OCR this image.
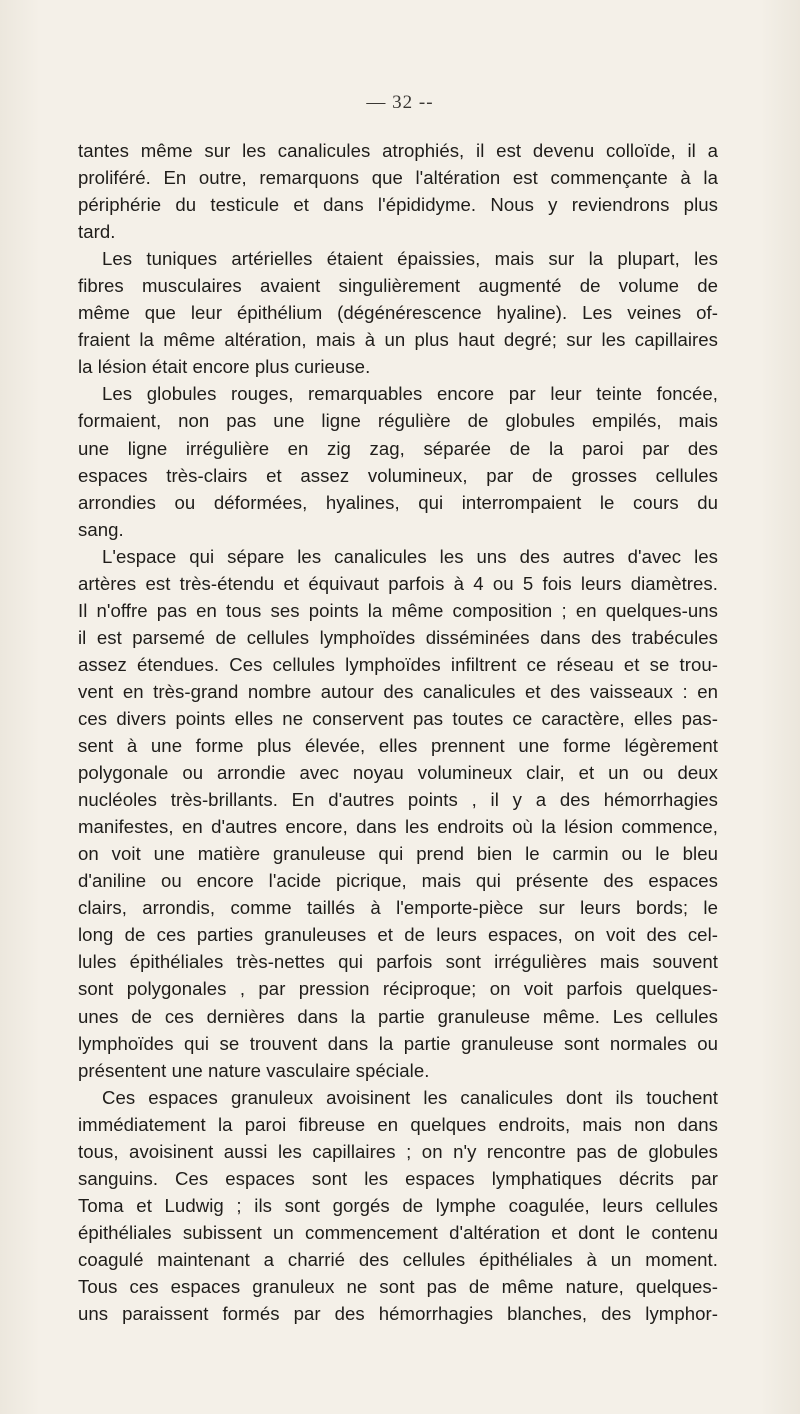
— 32 --
tantes même sur les canalicules atrophiés, il est devenu colloïde, il a
proliféré. En outre, remarquons que l'altération est commençante à la
périphérie du testicule et dans l'épididyme. Nous y reviendrons plus
tard.
Les tuniques artérielles étaient épaissies, mais sur la plupart, les
fibres musculaires avaient singulièrement augmenté de volume de
même que leur épithélium (dégénérescence hyaline). Les veines of-
fraient la même altération, mais à un plus haut degré; sur les capillaires
la lésion était encore plus curieuse.
Les globules rouges, remarquables encore par leur teinte foncée,
formaient, non pas une ligne régulière de globules empilés, mais
une ligne irrégulière en zig zag, séparée de la paroi par des
espaces très-clairs et assez volumineux, par de grosses cellules
arrondies ou déformées, hyalines, qui interrompaient le cours du
sang.
L'espace qui sépare les canalicules les uns des autres d'avec les
artères est très-étendu et équivaut parfois à 4 ou 5 fois leurs diamètres.
Il n'offre pas en tous ses points la même composition ; en quelques-uns
il est parsemé de cellules lymphoïdes disséminées dans des trabécules
assez étendues. Ces cellules lymphoïdes infiltrent ce réseau et se trou-
vent en très-grand nombre autour des canalicules et des vaisseaux : en
ces divers points elles ne conservent pas toutes ce caractère, elles pas-
sent à une forme plus élevée, elles prennent une forme légèrement
polygonale ou arrondie avec noyau volumineux clair, et un ou deux
nucléoles très-brillants. En d'autres points , il y a des hémorrhagies
manifestes, en d'autres encore, dans les endroits où la lésion commence,
on voit une matière granuleuse qui prend bien le carmin ou le bleu
d'aniline ou encore l'acide picrique, mais qui présente des espaces
clairs, arrondis, comme taillés à l'emporte-pièce sur leurs bords; le
long de ces parties granuleuses et de leurs espaces, on voit des cel-
lules épithéliales très-nettes qui parfois sont irrégulières mais souvent
sont polygonales , par pression réciproque; on voit parfois quelques-
unes de ces dernières dans la partie granuleuse même. Les cellules
lymphoïdes qui se trouvent dans la partie granuleuse sont normales ou
présentent une nature vasculaire spéciale.
Ces espaces granuleux avoisinent les canalicules dont ils touchent
immédiatement la paroi fibreuse en quelques endroits, mais non dans
tous, avoisinent aussi les capillaires ; on n'y rencontre pas de globules
sanguins. Ces espaces sont les espaces lymphatiques décrits par
Toma et Ludwig ; ils sont gorgés de lymphe coagulée, leurs cellules
épithéliales subissent un commencement d'altération et dont le contenu
coagulé maintenant a charrié des cellules épithéliales à un moment.
Tous ces espaces granuleux ne sont pas de même nature, quelques-
uns paraissent formés par des hémorrhagies blanches, des lymphor-
